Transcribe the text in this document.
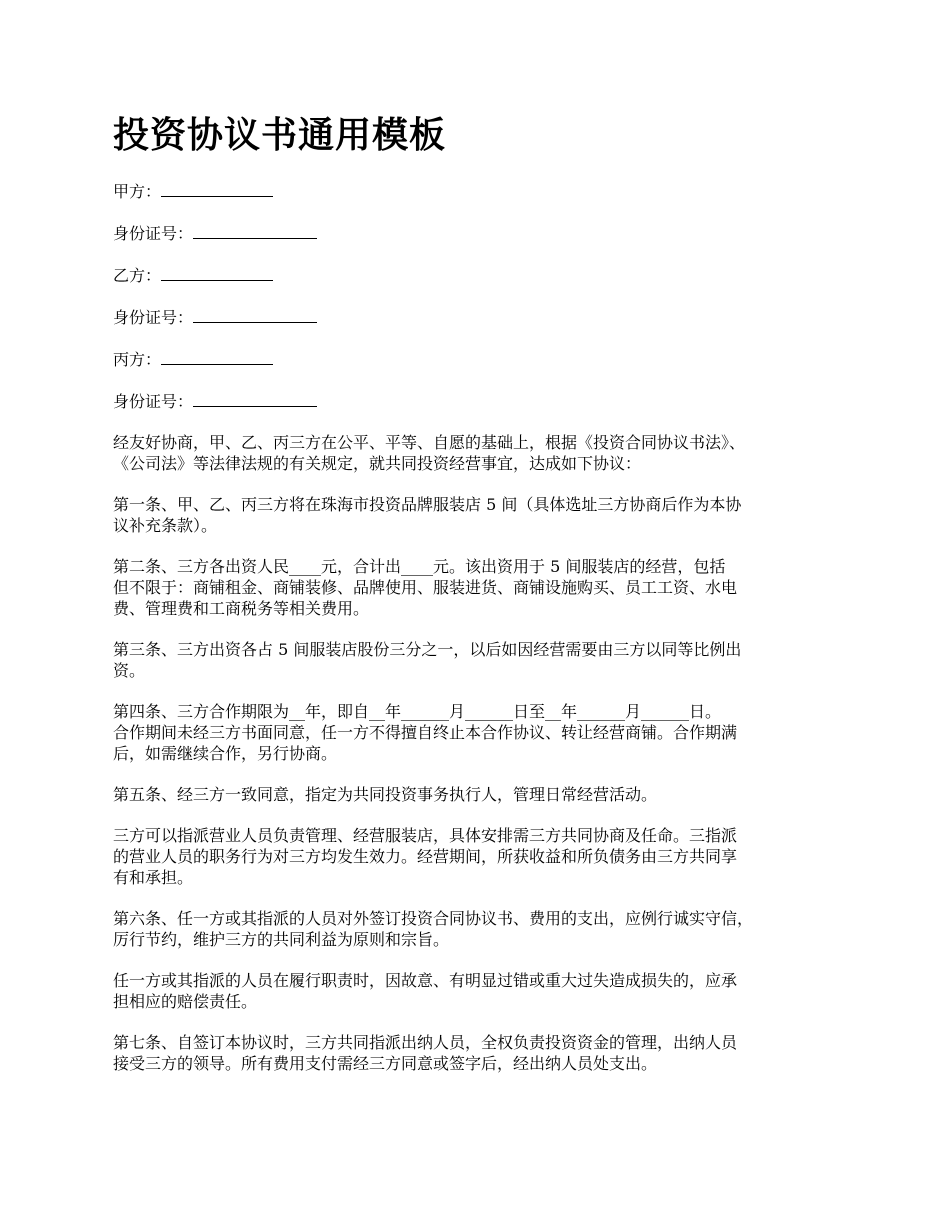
投资协议书通用模板
甲方：
身份证号：
乙方：
身份证号：
丙方：
身份证号：
经友好协商，甲、乙、丙三方在公平、平等、自愿的基础上，根据《投资合同协议书法》、
《公司法》等法律法规的有关规定，就共同投资经营事宜，达成如下协议：
第一条、甲、乙、丙三方将在珠海市投资品牌服装店 5 间（具体选址三方协商后作为本协
议补充条款）。
第二条、三方各出资人民____元，合计出____元。该出资用于 5 间服装店的经营，包括
但不限于：商铺租金、商铺装修、品牌使用、服装进货、商铺设施购买、员工工资、水电
费、管理费和工商税务等相关费用。
第三条、三方出资各占 5 间服装店股份三分之一，以后如因经营需要由三方以同等比例出
资。
第四条、三方合作期限为__年，即自__年______月______日至__年______月______日。
合作期间未经三方书面同意，任一方不得擅自终止本合作协议、转让经营商铺。合作期满
后，如需继续合作，另行协商。
第五条、经三方一致同意，指定为共同投资事务执行人，管理日常经营活动。
三方可以指派营业人员负责管理、经营服装店，具体安排需三方共同协商及任命。三指派
的营业人员的职务行为对三方均发生效力。经营期间，所获收益和所负债务由三方共同享
有和承担。
第六条、任一方或其指派的人员对外签订投资合同协议书、费用的支出，应例行诚实守信，
厉行节约，维护三方的共同利益为原则和宗旨。
任一方或其指派的人员在履行职责时，因故意、有明显过错或重大过失造成损失的，应承
担相应的赔偿责任。
第七条、自签订本协议时，三方共同指派出纳人员，全权负责投资资金的管理，出纳人员
接受三方的领导。所有费用支付需经三方同意或签字后，经出纳人员处支出。
